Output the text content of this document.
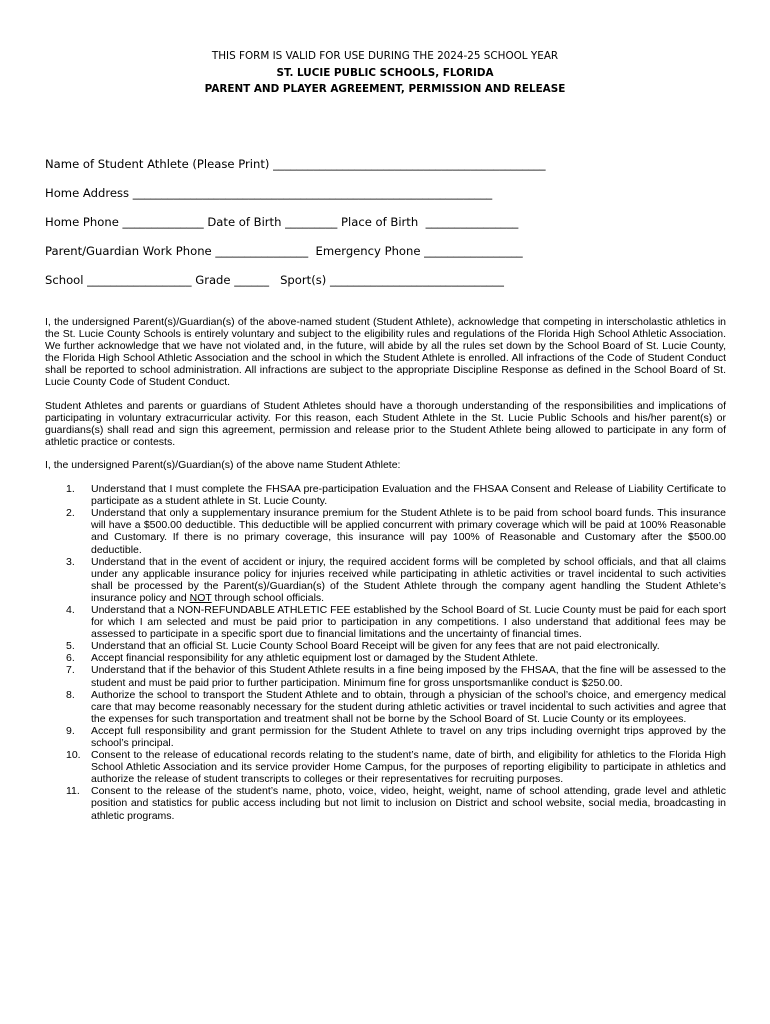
THIS FORM IS VALID FOR USE DURING THE 2024-25 SCHOOL YEAR
ST. LUCIE PUBLIC SCHOOLS, FLORIDA
PARENT AND PLAYER AGREEMENT, PERMISSION AND RELEASE
Name of Student Athlete (Please Print) _______________________________________________
Home Address ______________________________________________________________
Home Phone ______________ Date of Birth _________ Place of Birth  ________________
Parent/Guardian Work Phone ________________  Emergency Phone _________________
School __________________ Grade ______   Sport(s) ______________________________

I, the undersigned Parent(s)/Guardian(s) of the above-named student (Student Athlete), acknowledge that competing in interscholastic athletics in the St. Lucie County Schools is entirely voluntary and subject to the eligibility rules and regulations of the Florida High School Athletic Association. We further acknowledge that we have not violated and, in the future, will abide by all the rules set down by the School Board of St. Lucie County, the Florida High School Athletic Association and the school in which the Student Athlete is enrolled. All infractions of the Code of Student Conduct shall be reported to school administration. All infractions are subject to the appropriate Discipline Response as defined in the School Board of St. Lucie County Code of Student Conduct.

Student Athletes and parents or guardians of Student Athletes should have a thorough understanding of the responsibilities and implications of participating in voluntary extracurricular activity. For this reason, each Student Athlete in the St. Lucie Public Schools and his/her parent(s) or guardians(s) shall read and sign this agreement, permission and release prior to the Student Athlete being allowed to participate in any form of athletic practice or contests.

I, the undersigned Parent(s)/Guardian(s) of the above name Student Athlete:

1. Understand that I must complete the FHSAA pre-participation Evaluation and the FHSAA Consent and Release of Liability Certificate to participate as a student athlete in St. Lucie County.
2. Understand that only a supplementary insurance premium for the Student Athlete is to be paid from school board funds. This insurance will have a $500.00 deductible. This deductible will be applied concurrent with primary coverage which will be paid at 100% Reasonable and Customary. If there is no primary coverage, this insurance will pay 100% of Reasonable and Customary after the $500.00 deductible.
3. Understand that in the event of accident or injury, the required accident forms will be completed by school officials, and that all claims under any applicable insurance policy for injuries received while participating in athletic activities or travel incidental to such activities shall be processed by the Parent(s)/Guardian(s) of the Student Athlete through the company agent handling the Student Athlete’s insurance policy and NOT through school officials.
4. Understand that a NON-REFUNDABLE ATHLETIC FEE established by the School Board of St. Lucie County must be paid for each sport for which I am selected and must be paid prior to participation in any competitions. I also understand that additional fees may be assessed to participate in a specific sport due to financial limitations and the uncertainty of financial times.
5. Understand that an official St. Lucie County School Board Receipt will be given for any fees that are not paid electronically.
6. Accept financial responsibility for any athletic equipment lost or damaged by the Student Athlete.
7. Understand that if the behavior of this Student Athlete results in a fine being imposed by the FHSAA, that the fine will be assessed to the student and must be paid prior to further participation. Minimum fine for gross unsportsmanlike conduct is $250.00.
8. Authorize the school to transport the Student Athlete and to obtain, through a physician of the school’s choice, and emergency medical care that may become reasonably necessary for the student during athletic activities or travel incidental to such activities and agree that the expenses for such transportation and treatment shall not be borne by the School Board of St. Lucie County or its employees.
9. Accept full responsibility and grant permission for the Student Athlete to travel on any trips including overnight trips approved by the school’s principal.
10. Consent to the release of educational records relating to the student’s name, date of birth, and eligibility for athletics to the Florida High School Athletic Association and its service provider Home Campus, for the purposes of reporting eligibility to participate in athletics and authorize the release of student transcripts to colleges or their representatives for recruiting purposes.
11. Consent to the release of the student’s name, photo, voice, video, height, weight, name of school attending, grade level and athletic position and statistics for public access including but not limit to inclusion on District and school website, social media, broadcasting in athletic programs.
